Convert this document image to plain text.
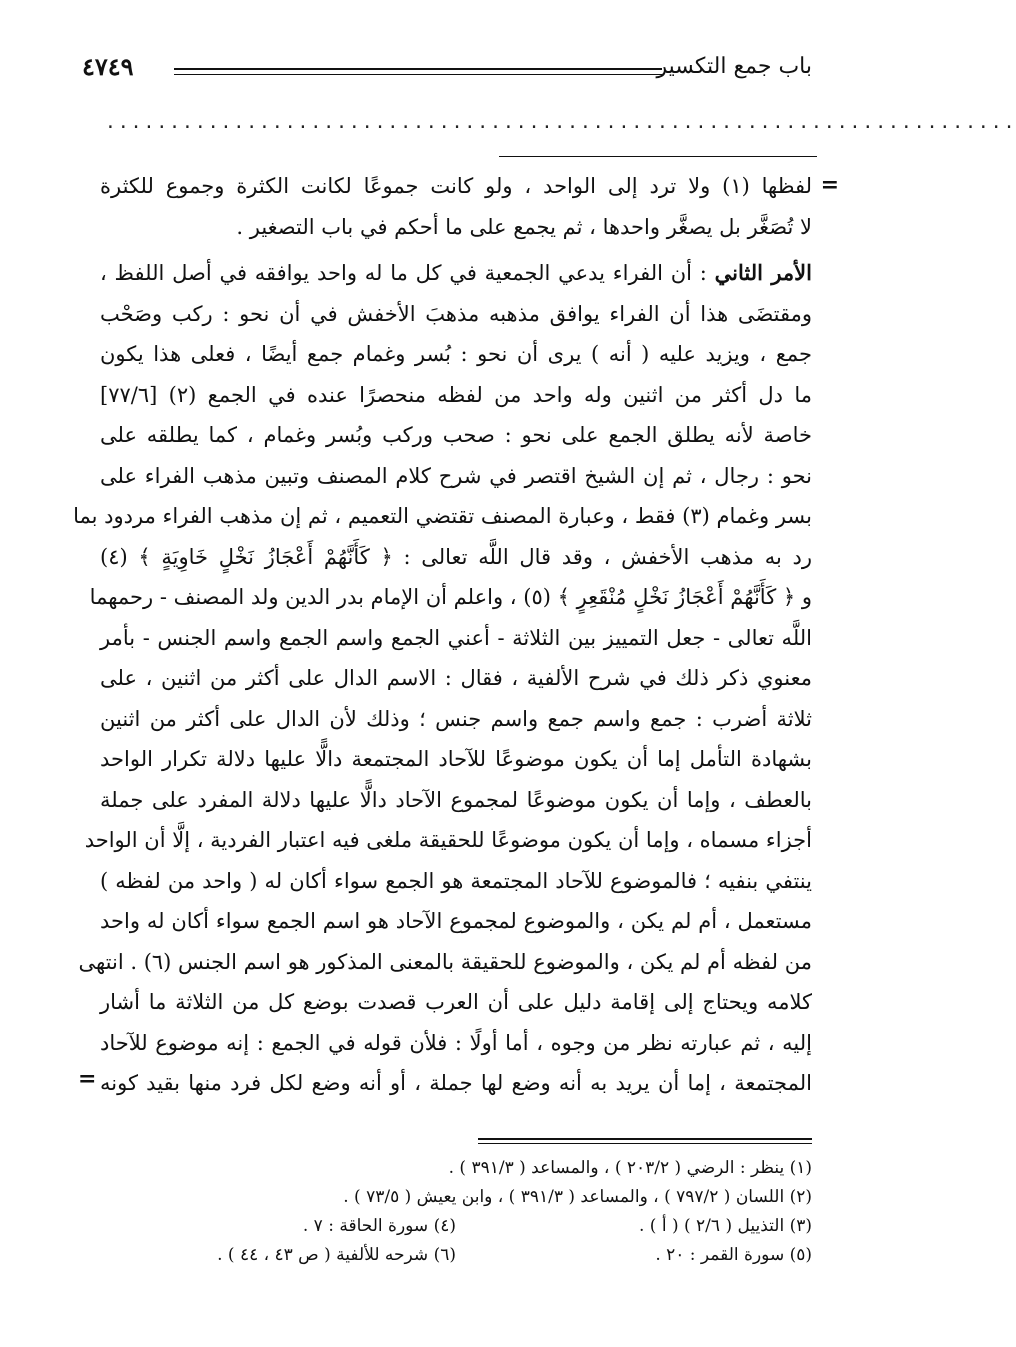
باب جمع التكسير
٤٧٤٩
.......................................................................
=
=
لفظها (١) ولا ترد إلى الواحد ، ولو كانت جموعًا لكانت الكثرة وجموع للكثرة
لا تُصَغَّر بل يصغَّر واحدها ، ثم يجمع على ما أحكم في باب التصغير .
الأمر الثاني : أن الفراء يدعي الجمعية في كل ما له واحد يوافقه في أصل اللفظ ،
ومقتضَى هذا أن الفراء يوافق مذهبه مذهبَ الأخفش في أن نحو : ركب وصَحْب
جمع ، ويزيد عليه ( أنه ) يرى أن نحو : بُسر وغمام جمع أيضًا ، فعلى هذا يكون
ما دل أكثر من اثنين وله واحد من لفظه منحصرًا عنده في الجمع (٢) [٧٧/٦]
خاصة لأنه يطلق الجمع على نحو : صحب وركب وبُسر وغمام ، كما يطلقه على
نحو : رجال ، ثم إن الشيخ اقتصر في شرح كلام المصنف وتبين مذهب الفراء على
بسر وغمام (٣) فقط ، وعبارة المصنف تقتضي التعميم ، ثم إن مذهب الفراء مردود بما
رد به مذهب الأخفش ، وقد قال اللَّه تعالى : ﴿ كَأَنَّهُمْ أَعْجَازُ نَخْلٍ خَاوِيَةٍ ﴾ (٤)
و ﴿ كَأَنَّهُمْ أَعْجَازُ نَخْلٍ مُنْقَعِرٍ ﴾ (٥) ، واعلم أن الإمام بدر الدين ولد المصنف - رحمهما
اللَّه تعالى - جعل التمييز بين الثلاثة - أعني الجمع واسم الجمع واسم الجنس - بأمر
معنوي ذكر ذلك في شرح الألفية ، فقال : الاسم الدال على أكثر من اثنين ، على
ثلاثة أضرب : جمع واسم جمع واسم جنس ؛ وذلك لأن الدال على أكثر من اثنين
بشهادة التأمل إما أن يكون موضوعًا للآحاد المجتمعة دالًّا عليها دلالة تكرار الواحد
بالعطف ، وإما أن يكون موضوعًا لمجموع الآحاد دالًّا عليها دلالة المفرد على جملة
أجزاء مسماه ، وإما أن يكون موضوعًا للحقيقة ملغى فيه اعتبار الفردية ، إلَّا أن الواحد
ينتفي بنفيه ؛ فالموضوع للآحاد المجتمعة هو الجمع سواء أكان له ( واحد من لفظه )
مستعمل ، أم لم يكن ، والموضوع لمجموع الآحاد هو اسم الجمع سواء أكان له واحد
من لفظه أم لم يكن ، والموضوع للحقيقة بالمعنى المذكور هو اسم الجنس (٦) . انتهى
كلامه ويحتاج إلى إقامة دليل على أن العرب قصدت بوضع كل من الثلاثة ما أشار
إليه ، ثم عبارته نظر من وجوه ، أما أولًا : فلأن قوله في الجمع : إنه موضوع للآحاد
المجتمعة ، إما أن يريد به أنه وضع لها جملة ، أو أنه وضع لكل فرد منها بقيد كونه
(١) ينظر : الرضي ( ٢٠٣/٢ ) ، والمساعد ( ٣٩١/٣ ) .
(٢) اللسان ( ٧٩٧/٢ ) ، والمساعد ( ٣٩١/٣ ) ، وابن يعيش ( ٧٣/٥ ) .
(٣) التذييل ( ٢/٦ ) ( أ ) .
(٤) سورة الحاقة : ٧ .
(٥) سورة القمر : ٢٠ .
(٦) شرحه للألفية ( ص ٤٣ ، ٤٤ ) .
